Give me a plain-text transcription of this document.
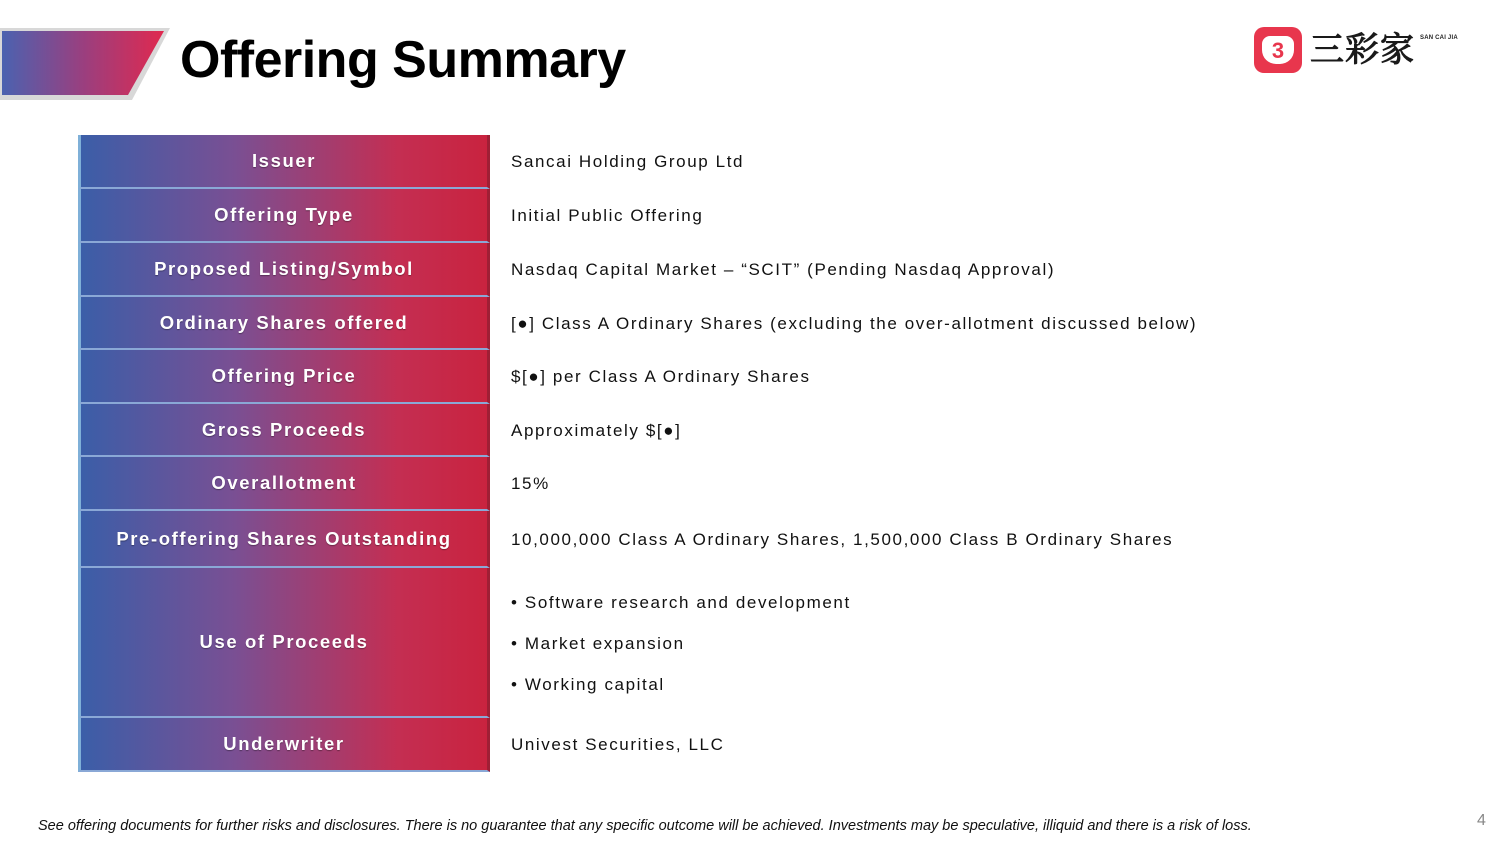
Offering Summary	3 三彩家 SAN CAI JIA
Issuer	Sancai Holding Group Ltd
Offering Type	Initial Public Offering
Proposed Listing/Symbol	Nasdaq Capital Market – “SCIT” (Pending Nasdaq Approval)
Ordinary Shares offered	[●] Class A Ordinary Shares (excluding the over-allotment discussed below)
Offering Price	$[●] per Class A Ordinary Shares
Gross Proceeds	Approximately $[●]
Overallotment	15%
Pre-offering Shares Outstanding	10,000,000 Class A Ordinary Shares, 1,500,000 Class B Ordinary Shares
Use of Proceeds
• Software research and development
• Market expansion
• Working capital
Underwriter	Univest Securities, LLC
See offering documents for further risks and disclosures. There is no guarantee that any specific outcome will be achieved. Investments may be speculative, illiquid and there is a risk of loss.	4
